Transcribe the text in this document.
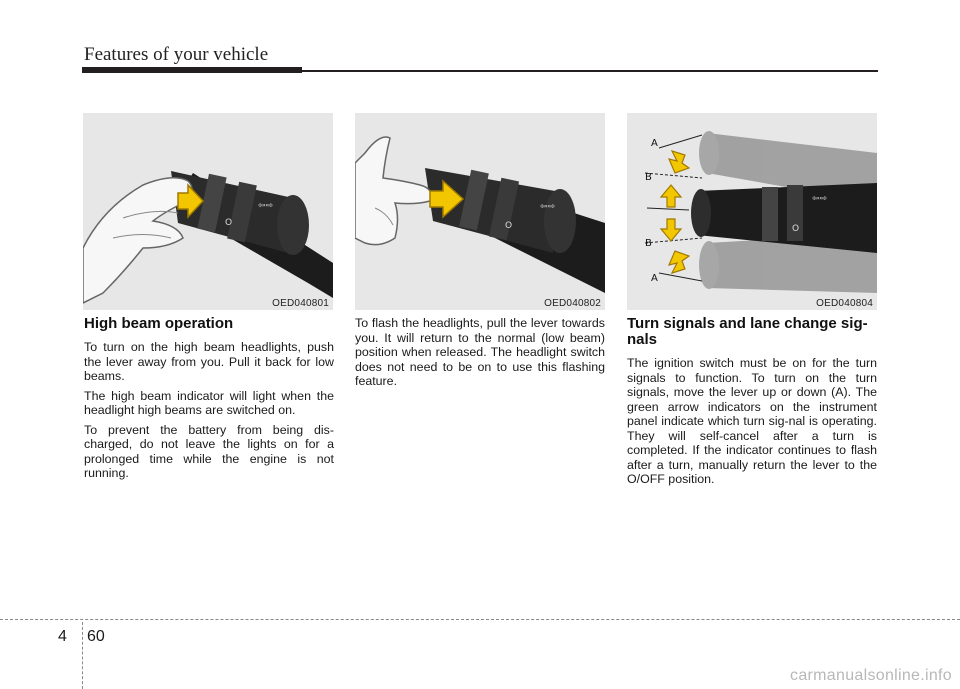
Features of your vehicle
O
⇦⇨
OED040801
⇦⇨
O
OED040802
⇦⇨
O
A
B
B
A
OED040804
High beam operation

To turn on the high beam headlights, push the lever away from you. Pull it back for low beams.

The high beam indicator will light when the headlight high beams are switched on.

To prevent the battery from being dis-charged, do not leave the lights on for a prolonged time while the engine is not running.

To flash the headlights, pull the lever towards you. It will return to the normal (low beam) position when released. The headlight switch does not need to be on to use this flashing feature.

Turn signals and lane change sig-nals

The ignition switch must be on for the turn signals to function. To turn on the turn signals, move the lever up or down (A). The green arrow indicators on the instrument panel indicate which turn sig-nal is operating. They will self-cancel after a turn is completed. If the indicator continues to flash after a turn, manually return the lever to the O/OFF position.

4 60
carmanualsonline.info
